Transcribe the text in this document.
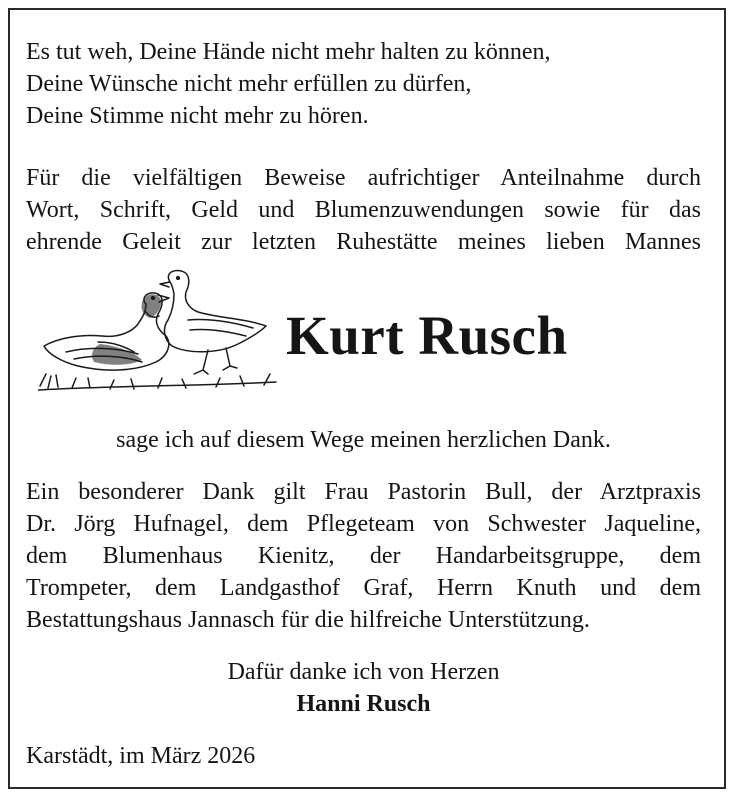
Es tut weh, Deine Hände nicht mehr halten zu können,
Deine Wünsche nicht mehr erfüllen zu dürfen,
Deine Stimme nicht mehr zu hören.
Für die vielfältigen Beweise aufrichtiger Anteilnahme durch
Wort, Schrift, Geld und Blumenzuwendungen sowie für das
ehrende Geleit zur letzten Ruhestätte meines lieben Mannes
Kurt Rusch
sage ich auf diesem Wege meinen herzlichen Dank.
Ein besonderer Dank gilt Frau Pastorin Bull, der Arztpraxis
Dr. Jörg Hufnagel, dem Pflegeteam von Schwester Jaqueline,
dem Blumenhaus Kienitz, der Handarbeitsgruppe, dem
Trompeter, dem Landgasthof Graf, Herrn Knuth und dem
Bestattungshaus Jannasch für die hilfreiche Unterstützung.
Dafür danke ich von Herzen
Hanni Rusch
Karstädt, im März 2026
